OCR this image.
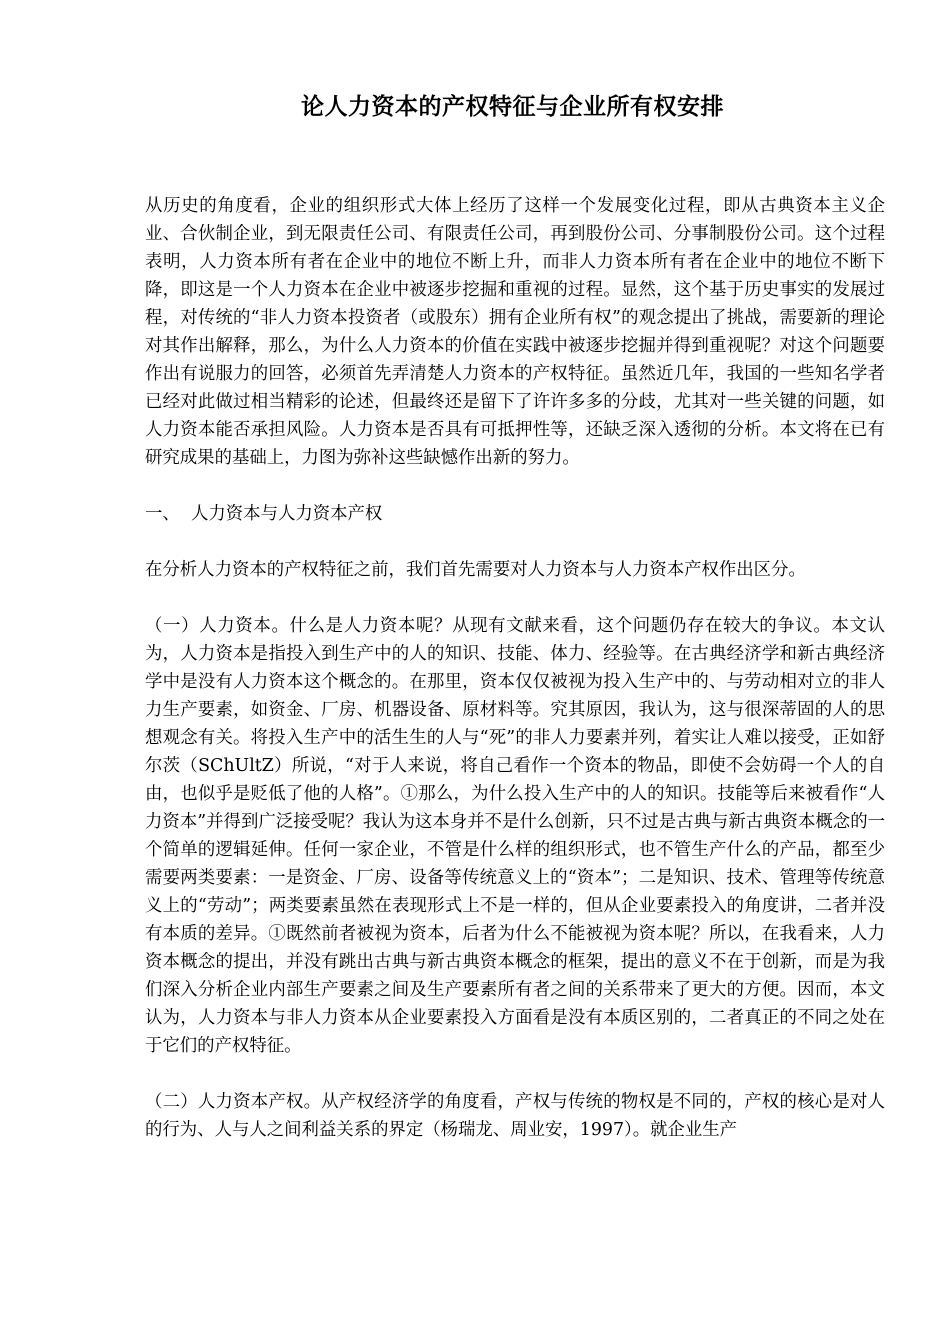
论人力资本的产权特征与企业所有权安排

从历史的角度看，企业的组织形式大体上经历了这样一个发展变化过程，即从古典资本主义企业、合伙制企业，到无限责任公司、有限责任公司，再到股份公司、分事制股份公司。这个过程表明，人力资本所有者在企业中的地位不断上升，而非人力资本所有者在企业中的地位不断下降，即这是一个人力资本在企业中被逐步挖掘和重视的过程。显然，这个基于历史事实的发展过程，对传统的“非人力资本投资者（或股东）拥有企业所有权”的观念提出了挑战，需要新的理论对其作出解释，那么，为什么人力资本的价值在实践中被逐步挖掘并得到重视呢？对这个问题要作出有说服力的回答，必须首先弄清楚人力资本的产权特征。虽然近几年，我国的一些知名学者已经对此做过相当精彩的论述，但最终还是留下了许许多多的分歧，尤其对一些关键的问题，如人力资本能否承担风险。人力资本是否具有可抵押性等，还缺乏深入透彻的分析。本文将在已有研究成果的基础上，力图为弥补这些缺憾作出新的努力。

一、 人力资本与人力资本产权

在分析人力资本的产权特征之前，我们首先需要对人力资本与人力资本产权作出区分。

（一）人力资本。什么是人力资本呢？从现有文献来看，这个问题仍存在较大的争议。本文认为，人力资本是指投入到生产中的人的知识、技能、体力、经验等。在古典经济学和新古典经济学中是没有人力资本这个概念的。在那里，资本仅仅被视为投入生产中的、与劳动相对立的非人力生产要素，如资金、厂房、机器设备、原材料等。究其原因，我认为，这与很深蒂固的人的思想观念有关。将投入生产中的活生生的人与“死”的非人力要素并列，着实让人难以接受，正如舒尔茨（SChUltZ）所说，“对于人来说，将自己看作一个资本的物品，即使不会妨碍一个人的自由，也似乎是贬低了他的人格”。①那么，为什么投入生产中的人的知识。技能等后来被看作“人力资本”并得到广泛接受呢？我认为这本身并不是什么创新，只不过是古典与新古典资本概念的一个简单的逻辑延伸。任何一家企业，不管是什么样的组织形式，也不管生产什么的产品，都至少需要两类要素：一是资金、厂房、设备等传统意义上的“资本”；二是知识、技术、管理等传统意义上的“劳动”；两类要素虽然在表现形式上不是一样的，但从企业要素投入的角度讲，二者并没有本质的差异。①既然前者被视为资本，后者为什么不能被视为资本呢？所以，在我看来，人力资本概念的提出，并没有跳出古典与新古典资本概念的框架，提出的意义不在于创新，而是为我们深入分析企业内部生产要素之间及生产要素所有者之间的关系带来了更大的方便。因而，本文认为，人力资本与非人力资本从企业要素投入方面看是没有本质区别的，二者真正的不同之处在于它们的产权特征。

（二）人力资本产权。从产权经济学的角度看，产权与传统的物权是不同的，产权的核心是对人的行为、人与人之间利益关系的界定（杨瑞龙、周业安，1997）。就企业生产
